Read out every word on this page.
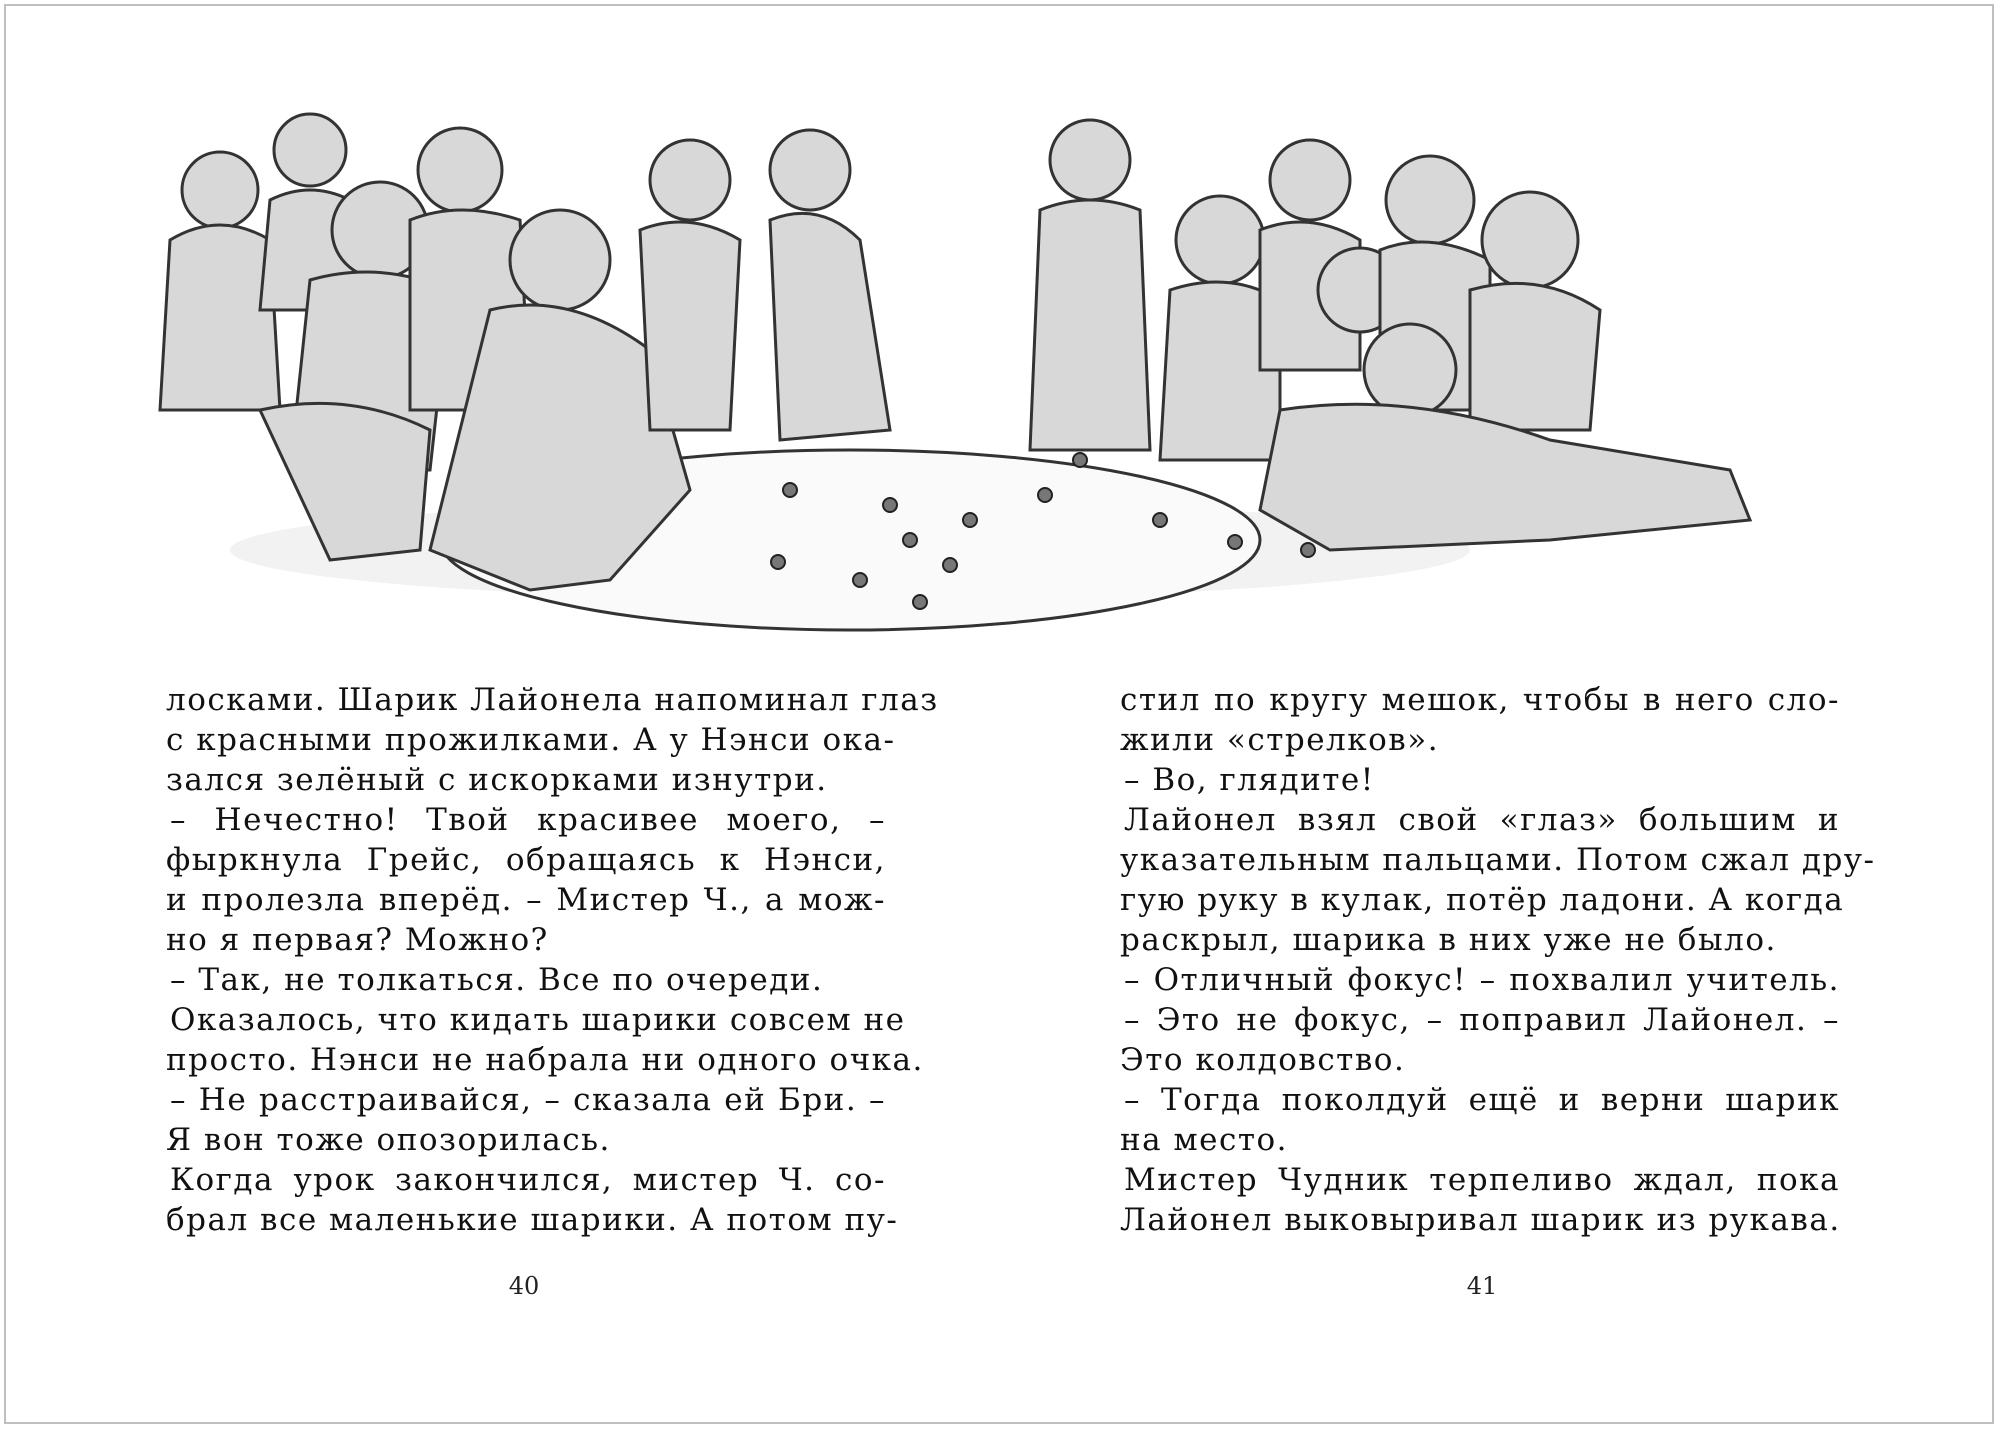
лосками. Шарик Лайонела напоминал глаз
с красными прожилками. А у Нэнси ока-
зался зелёный с искорками изнутри.
– Нечестно! Твой красивее моего, –
фыркнула Грейс, обращаясь к Нэнси,
и пролезла вперёд. – Мистер Ч., а мож-
но я первая? Можно?
– Так, не толкаться. Все по очереди.
Оказалось, что кидать шарики совсем не
просто. Нэнси не набрала ни одного очка.
– Не расстраивайся, – сказала ей Бри. –
Я вон тоже опозорилась.
Когда урок закончился, мистер Ч. со-
брал все маленькие шарики. А потом пу-
стил по кругу мешок, чтобы в него сло-
жили «стрелков».
– Во, глядите!
Лайонел взял свой «глаз» большим и
указательным пальцами. Потом сжал дру-
гую руку в кулак, потёр ладони. А когда
раскрыл, шарика в них уже не было.
– Отличный фокус! – похвалил учитель.
– Это не фокус, – поправил Лайонел. –
Это колдовство.
– Тогда поколдуй ещё и верни шарик
на место.
Мистер Чудник терпеливо ждал, пока
Лайонел выковыривал шарик из рукава.
40	41
